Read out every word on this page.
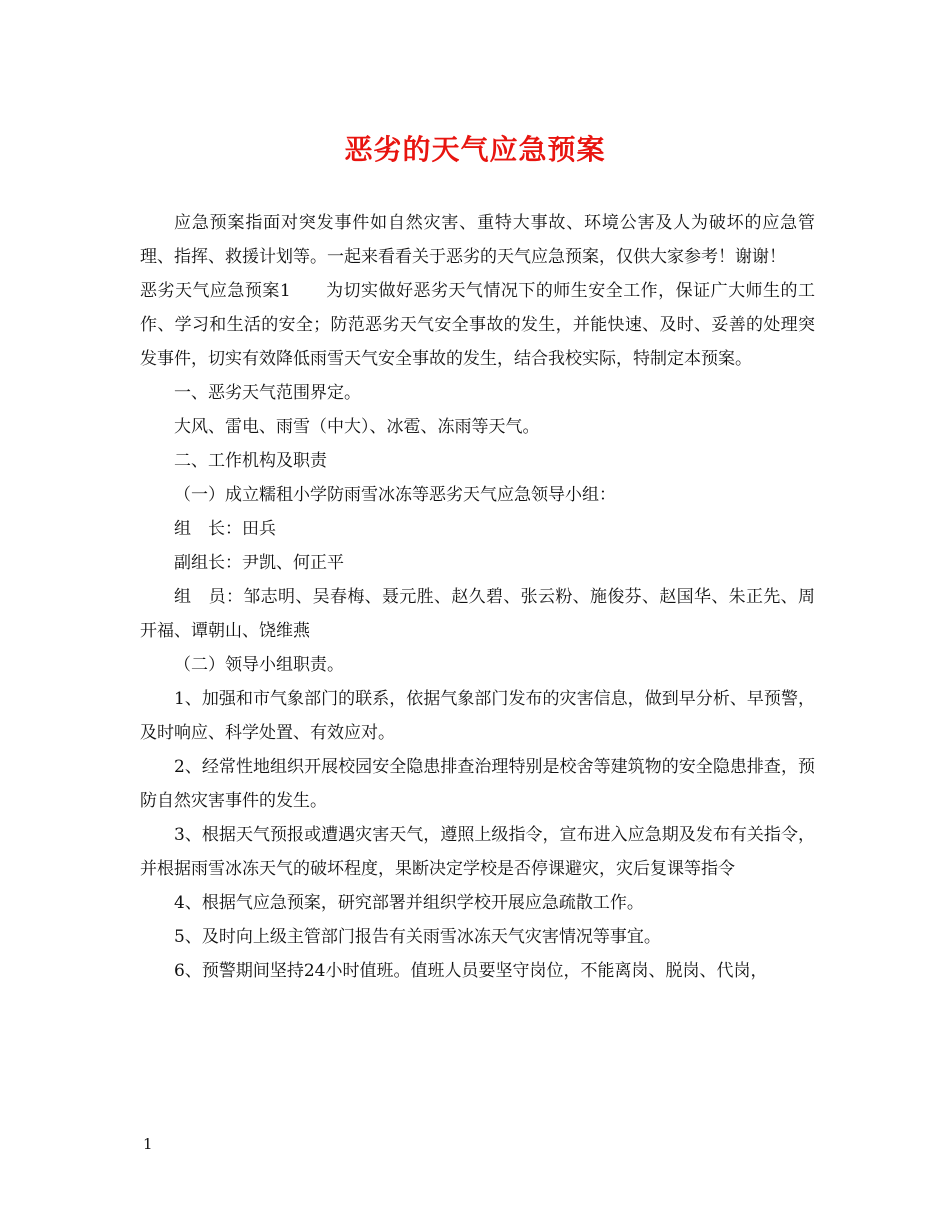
恶劣的天气应急预案

应急预案指面对突发事件如自然灾害、重特大事故、环境公害及人为破坏的应急管理、指挥、救援计划等。一起来看看关于恶劣的天气应急预案，仅供大家参考！谢谢！

恶劣天气应急预案1　　为切实做好恶劣天气情况下的师生安全工作，保证广大师生的工作、学习和生活的安全；防范恶劣天气安全事故的发生，并能快速、及时、妥善的处理突发事件，切实有效降低雨雪天气安全事故的发生，结合我校实际，特制定本预案。

一、恶劣天气范围界定。

大风、雷电、雨雪（中大）、冰雹、冻雨等天气。

二、工作机构及职责

（一）成立糯租小学防雨雪冰冻等恶劣天气应急领导小组：

组　长：田兵

副组长：尹凯、何正平

组　员：邹志明、吴春梅、聂元胜、赵久碧、张云粉、施俊芬、赵国华、朱正先、周开福、谭朝山、饶维燕

（二）领导小组职责。

1、加强和市气象部门的联系，依据气象部门发布的灾害信息，做到早分析、早预警，及时响应、科学处置、有效应对。

2、经常性地组织开展校园安全隐患排查治理特别是校舍等建筑物的安全隐患排查，预防自然灾害事件的发生。

3、根据天气预报或遭遇灾害天气，遵照上级指令，宣布进入应急期及发布有关指令，并根据雨雪冰冻天气的破坏程度，果断决定学校是否停课避灾，灾后复课等指令

4、根据气应急预案，研究部署并组织学校开展应急疏散工作。

5、及时向上级主管部门报告有关雨雪冰冻天气灾害情况等事宜。

6、预警期间坚持24小时值班。值班人员要坚守岗位，不能离岗、脱岗、代岗，

1
